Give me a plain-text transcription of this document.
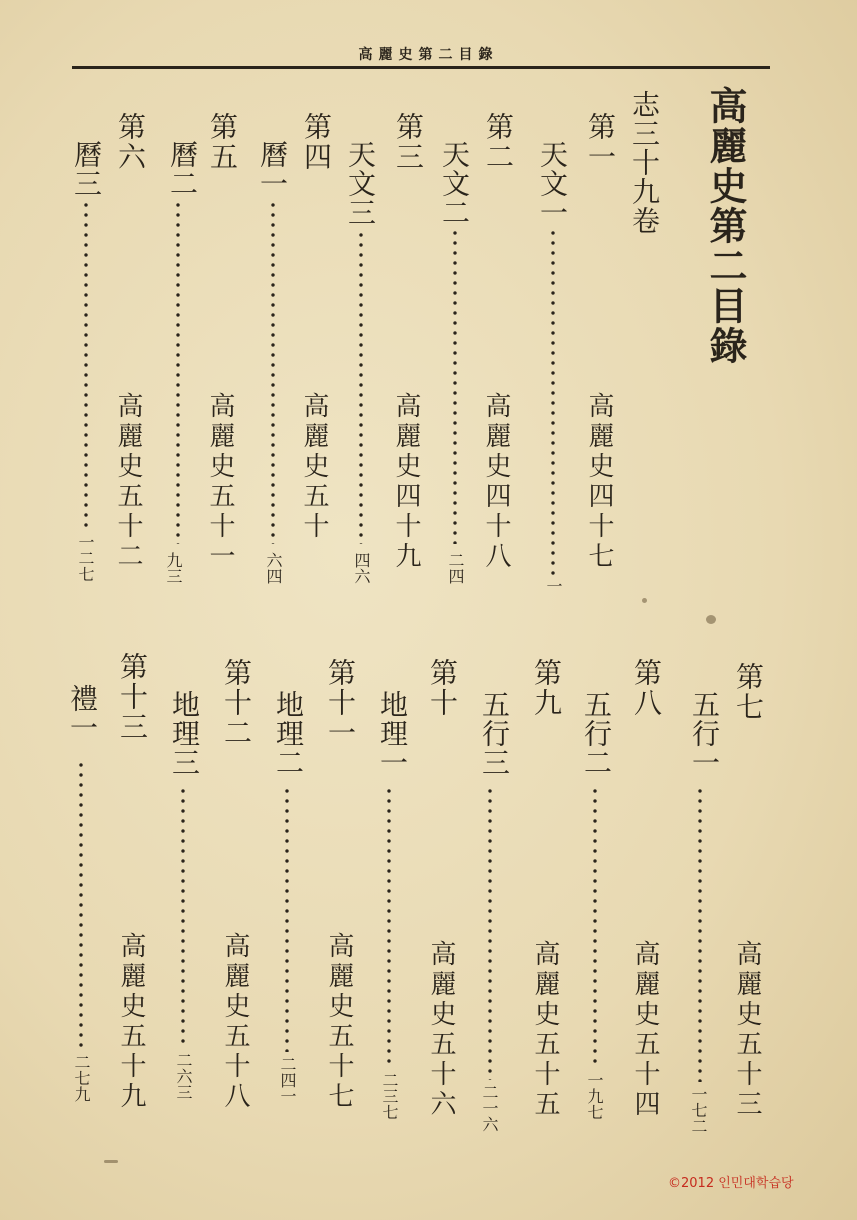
高麗史第二目錄
高麗史第二目錄
志三十九卷
第一
天文一
高麗史四十七
一
第二
天文二
高麗史四十八
二四
第三
天文三
高麗史四十九
四六
第四
曆一
高麗史五十
六四
第五
曆二
高麗史五十一
九三
第六
曆三
高麗史五十二
一二七
第七
五行一
高麗史五十三
一七二
第八
五行二
高麗史五十四
一九七
第九
五行三
高麗史五十五
二一六
第十
地理一
高麗史五十六
二三七
第十一
地理二
高麗史五十七
二四一
第十二
地理三
高麗史五十八
二六三
第十三
禮一
高麗史五十九
二七九
©2012 인민대학습당
